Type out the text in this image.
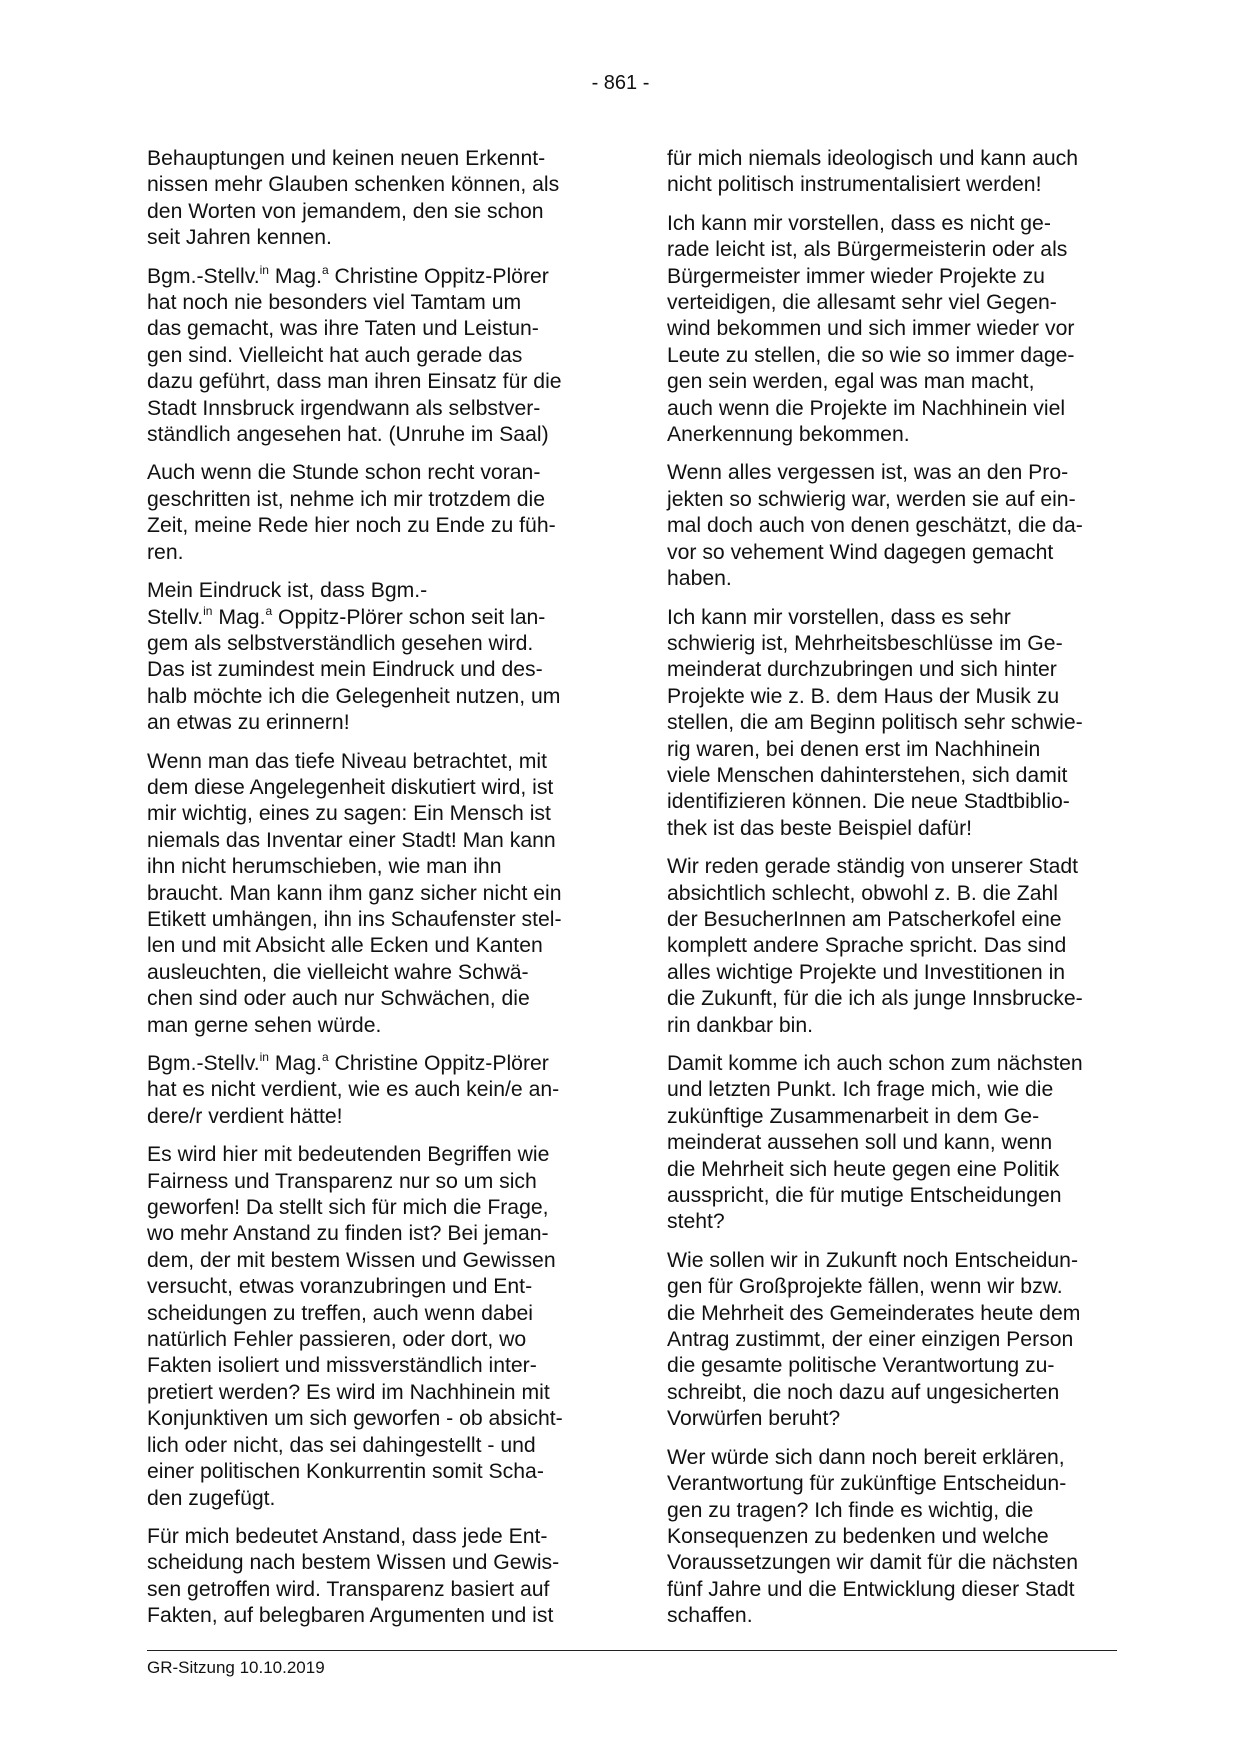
- 861 -

Behauptungen und keinen neuen Erkennt-
nissen mehr Glauben schenken können, als
den Worten von jemandem, den sie schon
seit Jahren kennen.

Bgm.-Stellv.$^{in}$ Mag.$^a$ Christine Oppitz-Plörer
hat noch nie besonders viel Tamtam um
das gemacht, was ihre Taten und Leistun-
gen sind. Vielleicht hat auch gerade das
dazu geführt, dass man ihren Einsatz für die
Stadt Innsbruck irgendwann als selbstver-
ständlich angesehen hat. (Unruhe im Saal)

Auch wenn die Stunde schon recht voran-
geschritten ist, nehme ich mir trotzdem die
Zeit, meine Rede hier noch zu Ende zu füh-
ren.

Mein Eindruck ist, dass Bgm.-
Stellv.$^{in}$ Mag.$^a$ Oppitz-Plörer schon seit lan-
gem als selbstverständlich gesehen wird.
Das ist zumindest mein Eindruck und des-
halb möchte ich die Gelegenheit nutzen, um
an etwas zu erinnern!

Wenn man das tiefe Niveau betrachtet, mit
dem diese Angelegenheit diskutiert wird, ist
mir wichtig, eines zu sagen: Ein Mensch ist
niemals das Inventar einer Stadt! Man kann
ihn nicht herumschieben, wie man ihn
braucht. Man kann ihm ganz sicher nicht ein
Etikett umhängen, ihn ins Schaufenster stel-
len und mit Absicht alle Ecken und Kanten
ausleuchten, die vielleicht wahre Schwä-
chen sind oder auch nur Schwächen, die
man gerne sehen würde.

Bgm.-Stellv.$^{in}$ Mag.$^a$ Christine Oppitz-Plörer
hat es nicht verdient, wie es auch kein/e an-
dere/r verdient hätte!

Es wird hier mit bedeutenden Begriffen wie
Fairness und Transparenz nur so um sich
geworfen! Da stellt sich für mich die Frage,
wo mehr Anstand zu finden ist? Bei jeman-
dem, der mit bestem Wissen und Gewissen
versucht, etwas voranzubringen und Ent-
scheidungen zu treffen, auch wenn dabei
natürlich Fehler passieren, oder dort, wo
Fakten isoliert und missverständlich inter-
pretiert werden? Es wird im Nachhinein mit
Konjunktiven um sich geworfen - ob absicht-
lich oder nicht, das sei dahingestellt - und
einer politischen Konkurrentin somit Scha-
den zugefügt.

Für mich bedeutet Anstand, dass jede Ent-
scheidung nach bestem Wissen und Gewis-
sen getroffen wird. Transparenz basiert auf
Fakten, auf belegbaren Argumenten und ist

für mich niemals ideologisch und kann auch
nicht politisch instrumentalisiert werden!

Ich kann mir vorstellen, dass es nicht ge-
rade leicht ist, als Bürgermeisterin oder als
Bürgermeister immer wieder Projekte zu
verteidigen, die allesamt sehr viel Gegen-
wind bekommen und sich immer wieder vor
Leute zu stellen, die so wie so immer dage-
gen sein werden, egal was man macht,
auch wenn die Projekte im Nachhinein viel
Anerkennung bekommen.

Wenn alles vergessen ist, was an den Pro-
jekten so schwierig war, werden sie auf ein-
mal doch auch von denen geschätzt, die da-
vor so vehement Wind dagegen gemacht
haben.

Ich kann mir vorstellen, dass es sehr
schwierig ist, Mehrheitsbeschlüsse im Ge-
meinderat durchzubringen und sich hinter
Projekte wie z. B. dem Haus der Musik zu
stellen, die am Beginn politisch sehr schwie-
rig waren, bei denen erst im Nachhinein
viele Menschen dahinterstehen, sich damit
identifizieren können. Die neue Stadtbiblio-
thek ist das beste Beispiel dafür!

Wir reden gerade ständig von unserer Stadt
absichtlich schlecht, obwohl z. B. die Zahl
der BesucherInnen am Patscherkofel eine
komplett andere Sprache spricht. Das sind
alles wichtige Projekte und Investitionen in
die Zukunft, für die ich als junge Innsbrucke-
rin dankbar bin.

Damit komme ich auch schon zum nächsten
und letzten Punkt. Ich frage mich, wie die
zukünftige Zusammenarbeit in dem Ge-
meinderat aussehen soll und kann, wenn
die Mehrheit sich heute gegen eine Politik
ausspricht, die für mutige Entscheidungen
steht?

Wie sollen wir in Zukunft noch Entscheidun-
gen für Großprojekte fällen, wenn wir bzw.
die Mehrheit des Gemeinderates heute dem
Antrag zustimmt, der einer einzigen Person
die gesamte politische Verantwortung zu-
schreibt, die noch dazu auf ungesicherten
Vorwürfen beruht?

Wer würde sich dann noch bereit erklären,
Verantwortung für zukünftige Entscheidun-
gen zu tragen? Ich finde es wichtig, die
Konsequenzen zu bedenken und welche
Voraussetzungen wir damit für die nächsten
fünf Jahre und die Entwicklung dieser Stadt
schaffen.

GR-Sitzung 10.10.2019
